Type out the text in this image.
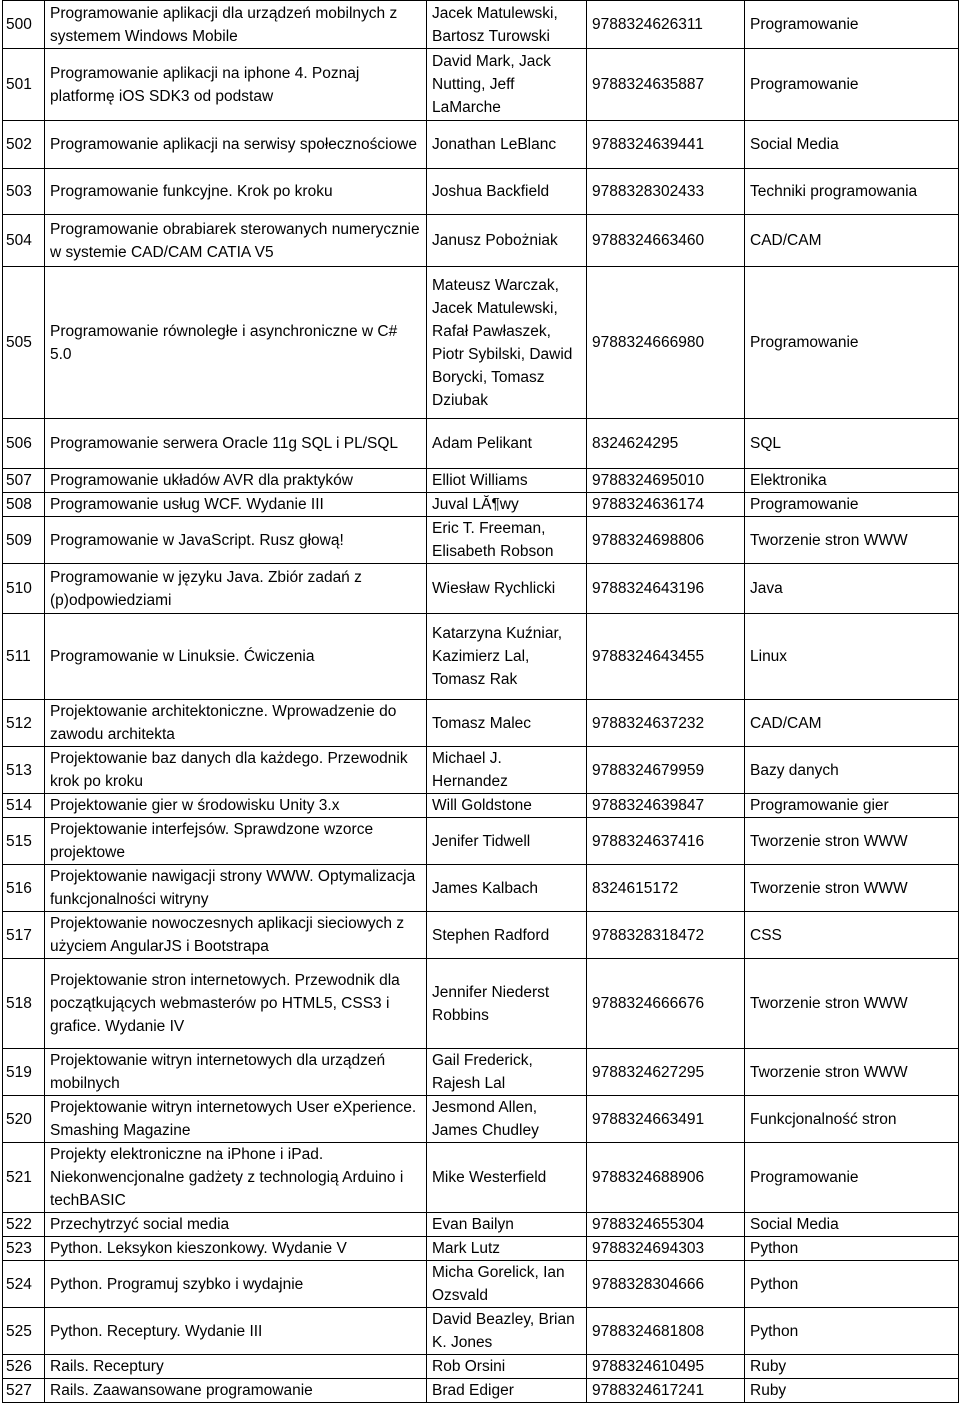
500	Programowanie aplikacji dla urządzeń mobilnych z systemem Windows Mobile	Jacek Matulewski, Bartosz Turowski	9788324626311	Programowanie
501	Programowanie aplikacji na iphone 4. Poznaj platformę iOS SDK3 od podstaw	David Mark, Jack Nutting, Jeff LaMarche	9788324635887	Programowanie
502	Programowanie aplikacji na serwisy społecznościowe	Jonathan LeBlanc	9788324639441	Social Media
503	Programowanie funkcyjne. Krok po kroku	Joshua Backfield	9788328302433	Techniki programowania
504	Programowanie obrabiarek sterowanych numerycznie w systemie CAD/CAM CATIA V5	Janusz Pobożniak	9788324663460	CAD/CAM
505	Programowanie równoległe i asynchroniczne w C# 5.0	Mateusz Warczak, Jacek Matulewski, Rafał Pawłaszek, Piotr Sybilski, Dawid Borycki, Tomasz Dziubak	9788324666980	Programowanie
506	Programowanie serwera Oracle 11g SQL i PL/SQL	Adam Pelikant	8324624295	SQL
507	Programowanie układów AVR dla praktyków	Elliot Williams	9788324695010	Elektronika
508	Programowanie usług WCF. Wydanie III	Juval LĂ¶wy	9788324636174	Programowanie
509	Programowanie w JavaScript. Rusz głową!	Eric T. Freeman, Elisabeth Robson	9788324698806	Tworzenie stron WWW
510	Programowanie w języku Java. Zbiór zadań z (p)odpowiedziami	Wiesław Rychlicki	9788324643196	Java
511	Programowanie w Linuksie. Ćwiczenia	Katarzyna Kuźniar, Kazimierz Lal, Tomasz Rak	9788324643455	Linux
512	Projektowanie architektoniczne. Wprowadzenie do zawodu architekta	Tomasz Malec	9788324637232	CAD/CAM
513	Projektowanie baz danych dla każdego. Przewodnik krok po kroku	Michael J. Hernandez	9788324679959	Bazy danych
514	Projektowanie gier w środowisku Unity 3.x	Will Goldstone	9788324639847	Programowanie gier
515	Projektowanie interfejsów. Sprawdzone wzorce projektowe	Jenifer Tidwell	9788324637416	Tworzenie stron WWW
516	Projektowanie nawigacji strony WWW. Optymalizacja funkcjonalności witryny	James Kalbach	8324615172	Tworzenie stron WWW
517	Projektowanie nowoczesnych aplikacji sieciowych z użyciem AngularJS i Bootstrapa	Stephen Radford	9788328318472	CSS
518	Projektowanie stron internetowych. Przewodnik dla początkujących webmasterów po HTML5, CSS3 i grafice. Wydanie IV	Jennifer Niederst Robbins	9788324666676	Tworzenie stron WWW
519	Projektowanie witryn internetowych dla urządzeń mobilnych	Gail Frederick, Rajesh Lal	9788324627295	Tworzenie stron WWW
520	Projektowanie witryn internetowych User eXperience. Smashing Magazine	Jesmond Allen, James Chudley	9788324663491	Funkcjonalność stron
521	Projekty elektroniczne na iPhone i iPad. Niekonwencjonalne gadżety z technologią Arduino i techBASIC	Mike Westerfield	9788324688906	Programowanie
522	Przechytrzyć social media	Evan Bailyn	9788324655304	Social Media
523	Python. Leksykon kieszonkowy. Wydanie V	Mark Lutz	9788324694303	Python
524	Python. Programuj szybko i wydajnie	Micha Gorelick, Ian Ozsvald	9788328304666	Python
525	Python. Receptury. Wydanie III	David Beazley, Brian K. Jones	9788324681808	Python
526	Rails. Receptury	Rob Orsini	9788324610495	Ruby
527	Rails. Zaawansowane programowanie	Brad Ediger	9788324617241	Ruby
